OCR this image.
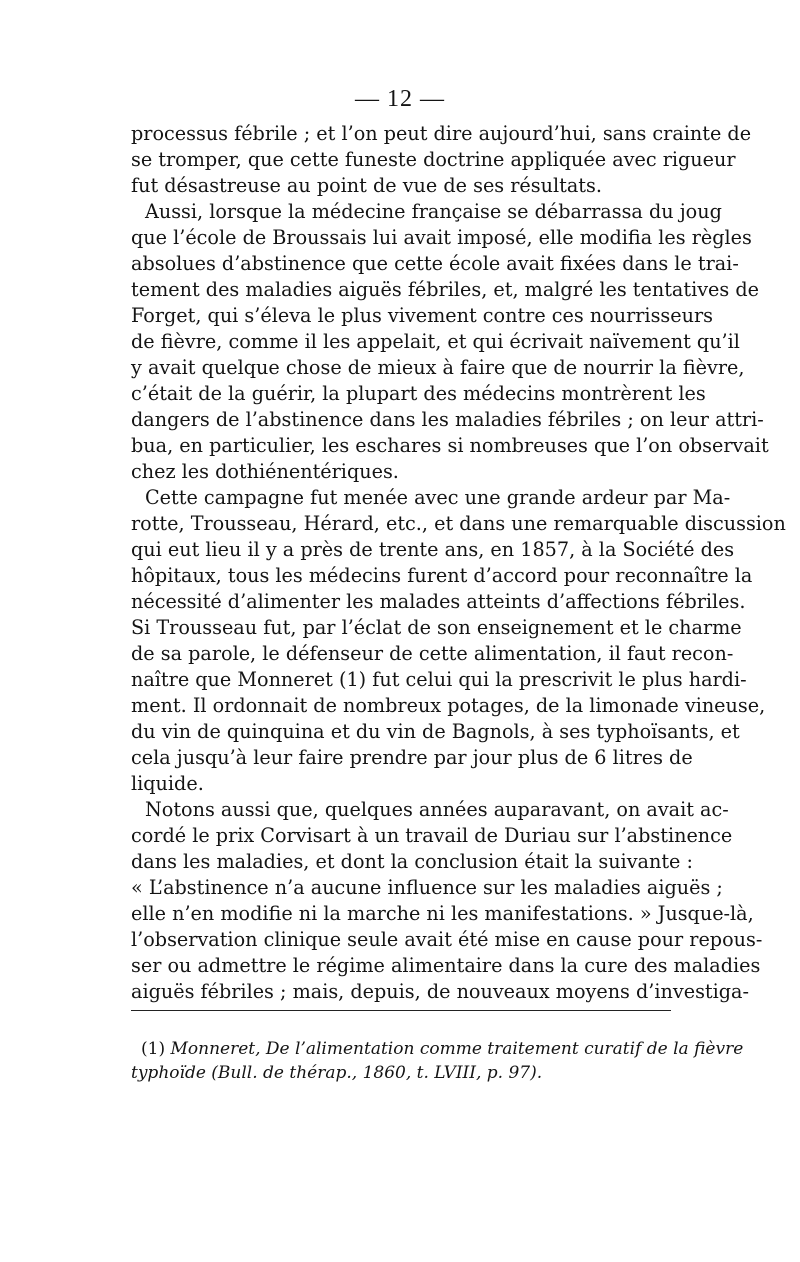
— 12 —

processus fébrile ; et l’on peut dire aujourd’hui, sans crainte de
se tromper, que cette funeste doctrine appliquée avec rigueur
fut désastreuse au point de vue de ses résultats.

Aussi, lorsque la médecine française se débarrassa du joug
que l’école de Broussais lui avait imposé, elle modifia les règles
absolues d’abstinence que cette école avait fixées dans le trai-
tement des maladies aiguës fébriles, et, malgré les tentatives de
Forget, qui s’éleva le plus vivement contre ces nourrisseurs
de fièvre, comme il les appelait, et qui écrivait naïvement qu’il
y avait quelque chose de mieux à faire que de nourrir la fièvre,
c’était de la guérir, la plupart des médecins montrèrent les
dangers de l’abstinence dans les maladies fébriles ; on leur attri-
bua, en particulier, les eschares si nombreuses que l’on observait
chez les dothiénentériques.

Cette campagne fut menée avec une grande ardeur par Ma-
rotte, Trousseau, Hérard, etc., et dans une remarquable discussion
qui eut lieu il y a près de trente ans, en 1857, à la Société des
hôpitaux, tous les médecins furent d’accord pour reconnaître la
nécessité d’alimenter les malades atteints d’affections fébriles.
Si Trousseau fut, par l’éclat de son enseignement et le charme
de sa parole, le défenseur de cette alimentation, il faut recon-
naître que Monneret (1) fut celui qui la prescrivit le plus hardi-
ment. Il ordonnait de nombreux potages, de la limonade vineuse,
du vin de quinquina et du vin de Bagnols, à ses typhoïsants, et
cela jusqu’à leur faire prendre par jour plus de 6 litres de
liquide.

Notons aussi que, quelques années auparavant, on avait ac-
cordé le prix Corvisart à un travail de Duriau sur l’abstinence
dans les maladies, et dont la conclusion était la suivante :
« L’abstinence n’a aucune influence sur les maladies aiguës ;
elle n’en modifie ni la marche ni les manifestations. » Jusque-là,
l’observation clinique seule avait été mise en cause pour repous-
ser ou admettre le régime alimentaire dans la cure des maladies
aiguës fébriles ; mais, depuis, de nouveaux moyens d’investiga-

(1) Monneret, De l’alimentation comme traitement curatif de la fièvre
typhoïde (Bull. de thérap., 1860, t. LVIII, p. 97).
